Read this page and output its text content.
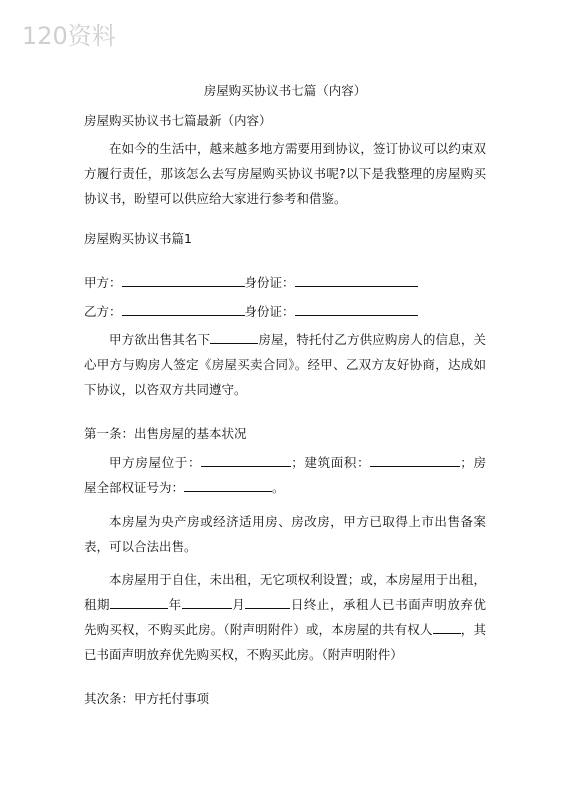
120资料
房屋购买协议书七篇（内容）
房屋购买协议书七篇最新（内容）
在如今的生活中，越来越多地方需要用到协议，签订协议可以约束双方履行责任，那该怎么去写房屋购买协议书呢?以下是我整理的房屋购买协议书，盼望可以供应给大家进行参考和借鉴。
房屋购买协议书篇1
甲方：	身份证：
乙方：	身份证：
甲方欲出售其名下	房屋，特托付乙方供应购房人的信息，关心甲方与购房人签定《房屋买卖合同》。经甲、乙双方友好协商，达成如下协议，以咨双方共同遵守。
第一条：出售房屋的基本状况
甲方房屋位于：	；建筑面积：	；房屋全部权证号为：	。
本房屋为央产房或经济适用房、房改房，甲方已取得上市出售备案表，可以合法出售。
本房屋用于自住，未出租，无它项权利设置；或，本房屋用于出租，租期	年	月	日终止，承租人已书面声明放弃优先购买权，不购买此房。（附声明附件）或，本房屋的共有权人 ，其已书面声明放弃优先购买权，不购买此房。（附声明附件）
其次条：甲方托付事项
